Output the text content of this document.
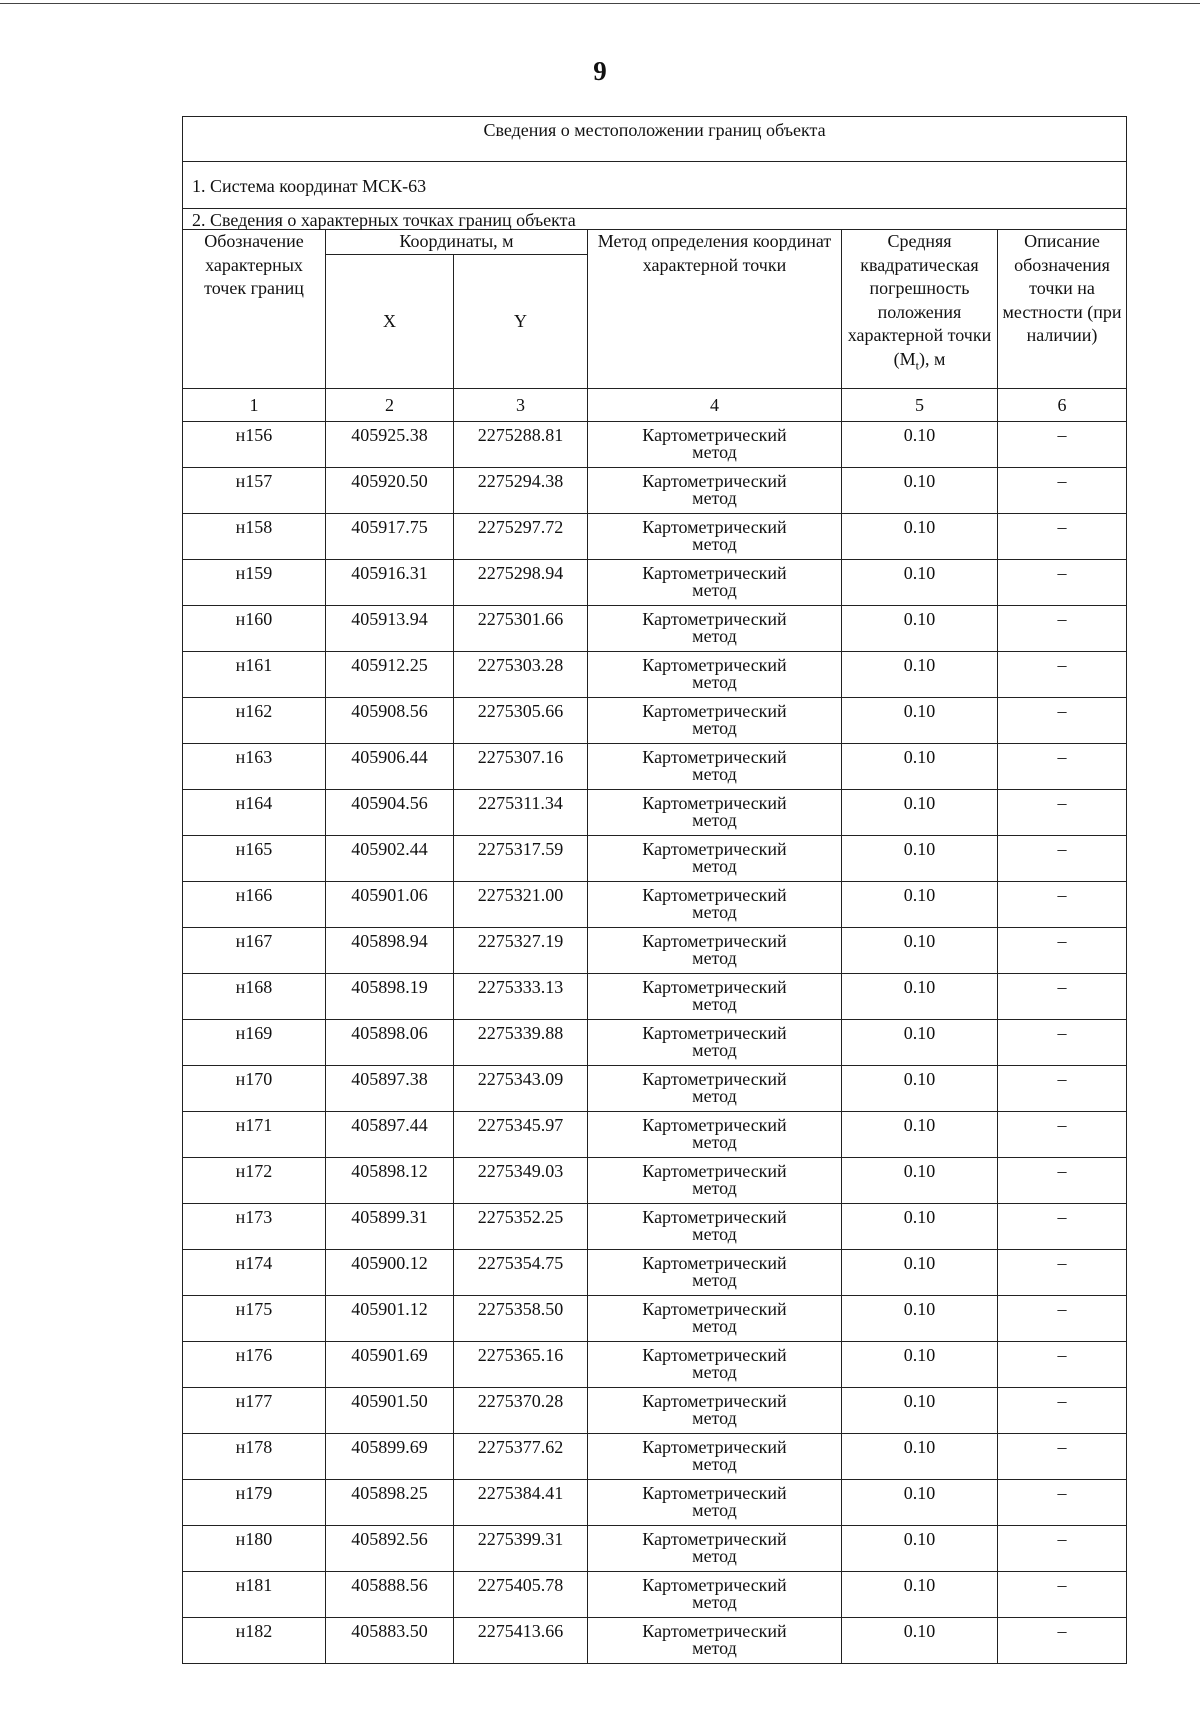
9
Сведения о местоположении границ объекта					
1. Система координат МСК-63					
2. Сведения о характерных точках границ объекта					
Обозначение характерных точек границ	Координаты, м		Метод определения координат характерной точки	Средняя квадратическая погрешность положения характерной точки $(M_t)$, м	Описание обозначения точки на местности (при наличии)
	X	Y			
1	2	3	4	5	6
н156	405925.38	2275288.81	Картометрический
метод	0.10	–
н157	405920.50	2275294.38	Картометрический
метод	0.10	–
н158	405917.75	2275297.72	Картометрический
метод	0.10	–
н159	405916.31	2275298.94	Картометрический
метод	0.10	–
н160	405913.94	2275301.66	Картометрический
метод	0.10	–
н161	405912.25	2275303.28	Картометрический
метод	0.10	–
н162	405908.56	2275305.66	Картометрический
метод	0.10	–
н163	405906.44	2275307.16	Картометрический
метод	0.10	–
н164	405904.56	2275311.34	Картометрический
метод	0.10	–
н165	405902.44	2275317.59	Картометрический
метод	0.10	–
н166	405901.06	2275321.00	Картометрический
метод	0.10	–
н167	405898.94	2275327.19	Картометрический
метод	0.10	–
н168	405898.19	2275333.13	Картометрический
метод	0.10	–
н169	405898.06	2275339.88	Картометрический
метод	0.10	–
н170	405897.38	2275343.09	Картометрический
метод	0.10	–
н171	405897.44	2275345.97	Картометрический
метод	0.10	–
н172	405898.12	2275349.03	Картометрический
метод	0.10	–
н173	405899.31	2275352.25	Картометрический
метод	0.10	–
н174	405900.12	2275354.75	Картометрический
метод	0.10	–
н175	405901.12	2275358.50	Картометрический
метод	0.10	–
н176	405901.69	2275365.16	Картометрический
метод	0.10	–
н177	405901.50	2275370.28	Картометрический
метод	0.10	–
н178	405899.69	2275377.62	Картометрический
метод	0.10	–
н179	405898.25	2275384.41	Картометрический
метод	0.10	–
н180	405892.56	2275399.31	Картометрический
метод	0.10	–
н181	405888.56	2275405.78	Картометрический
метод	0.10	–
н182	405883.50	2275413.66	Картометрический
метод	0.10	–
